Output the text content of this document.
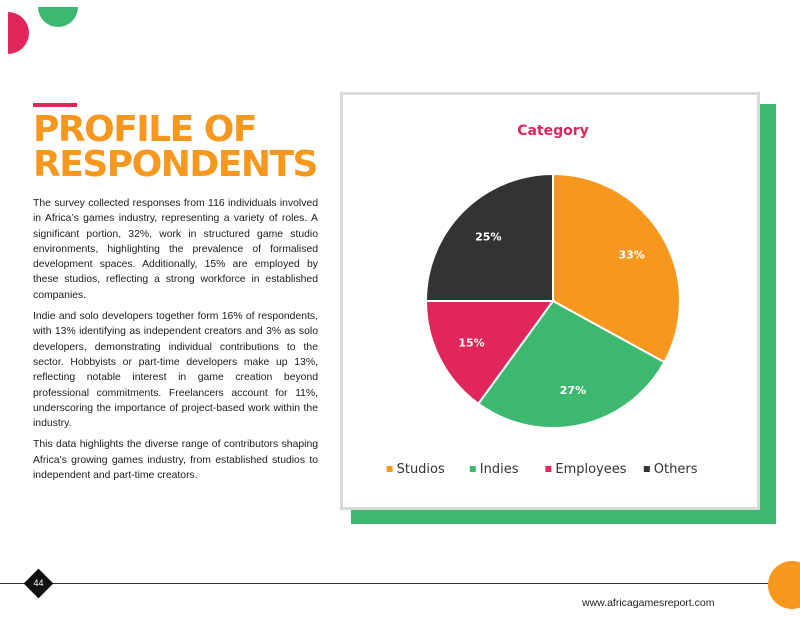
PROFILE OF
RESPONDENTS

The survey collected responses from 116 individuals involved in Africa’s games industry, representing a variety of roles. A significant portion, 32%, work in structured game studio environments, highlighting the prevalence of formalised development spaces. Additionally, 15% are employed by these studios, reflecting a strong workforce in established companies.

Indie and solo developers together form 16% of respondents, with 13% identifying as independent creators and 3% as solo developers, demonstrating individual contributions to the sector. Hobbyists or part-time developers make up 13%, reflecting notable interest in game creation beyond professional commitments. Freelancers account for 11%, underscoring the importance of project-based work within the industry.

This data highlights the diverse range of contributors shaping Africa’s growing games industry, from established studios to independent and part-time creators.

Category
33%
27%
15%
25%
Studios	Indies	Employees Others
44
www.africagamesreport.com
